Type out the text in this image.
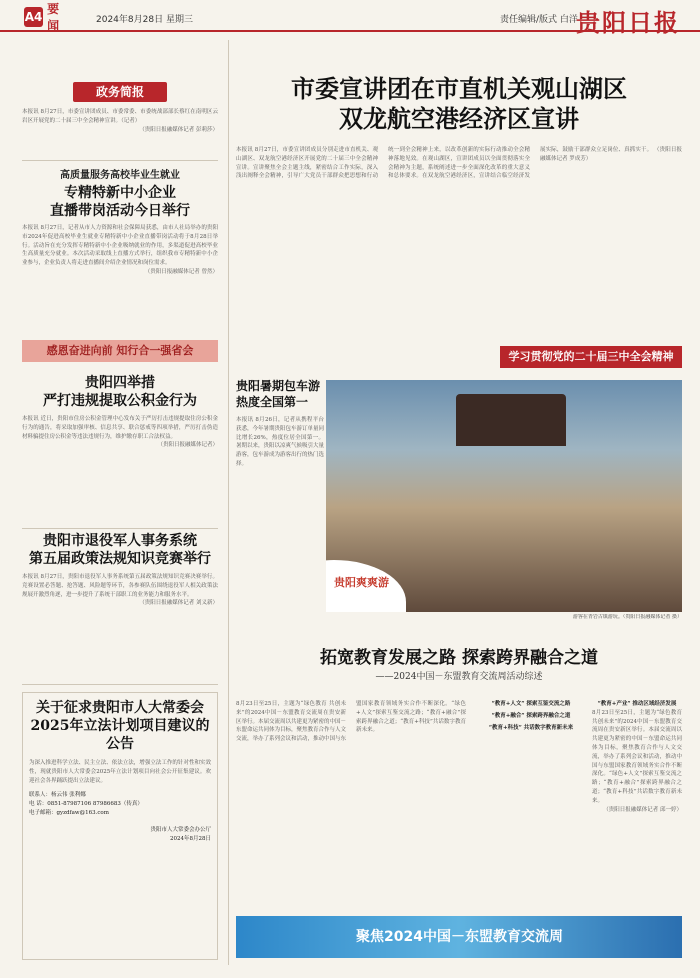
A4
要闻	2024年8月28日 星期三	责任编辑/版式 白洋
贵阳日报
政务简报
本报讯 8月27日，市委宣讲团成员、市委常委、市委统战部部长蔡红在南明区云岩区开展党的二十届三中全会精神宣讲。（记者）
（贵阳日报融媒体记者 彭莉莎）
高质量服务高校毕业生就业
专精特新中小企业
直播带岗活动今日举行
本报讯 8月27日，记者从市人力资源和社会保障局获悉，由市人社局举办的贵阳市2024年促进高校毕业生就业专精特新中小企业直播带岗活动将于8月28日举行。活动旨在充分发挥专精特新中小企业吸纳就业的作用，多渠道促进高校毕业生高质量充分就业。本次活动采取线上直播方式举行，组织我市专精特新中小企业参与，企业负责人将走进直播间介绍企业情况和岗位需求。
（贵阳日报融媒体记者 曾然）
感恩奋进向前 知行合一强省会
贵阳四举措
严打违规提取公积金行为
本报讯 近日，贵阳市住房公积金管理中心发布关于严厉打击违规提取住房公积金行为的通告，将采取加强审核、信息共享、联合惩戒等四项举措，严厉打击伪造材料骗提住房公积金等违法违规行为，维护缴存职工合法权益。
（贵阳日报融媒体记者）
贵阳市退役军人事务系统
第五届政策法规知识竞赛举行
本报讯 8月27日，贵阳市退役军人事务系统第五届政策法规知识竞赛决赛举行。竞赛设置必答题、抢答题、风险题等环节，各参赛队伍围绕退役军人相关政策法规展开激烈角逐，进一步提升了系统干部职工的业务能力和服务水平。
（贵阳日报融媒体记者 刘义新）
关于征求贵阳市人大常委会
2025年立法计划项目建议的公告
为深入推进科学立法、民主立法、依法立法，增强立法工作的针对性和实效性，现就贵阳市人大常委会2025年立法计划项目向社会公开征集建议。欢迎社会各界踊跃提出立法建议。
联系人：杨云伟 张利娜
电 话：0851-87987106 87986683（传真）
电子邮箱：gyzdfaw@163.com
贵阳市人大常委会办公厅
2024年8月28日
市委宣讲团在市直机关观山湖区
双龙航空港经济区宣讲
本报讯 8月27日，市委宣讲团成员分别走进市直机关、观山湖区、双龙航空港经济区开展党的二十届三中全会精神宣讲。宣讲聚焦全会主题主线，紧密结合工作实际，深入浅出阐释全会精神，引导广大党员干部群众把思想和行动统一到全会精神上来，以改革创新的实际行动推动全会精神落地见效。在观山湖区，宣讲团成员以全面贯彻落实全会精神为主题，系统阐述进一步全面深化改革的重大意义和总体要求。在双龙航空港经济区，宣讲结合临空经济发展实际，鼓励干部群众立足岗位、真抓实干。 （贵阳日报融媒体记者 罗成芳）
学习贯彻党的二十届三中全会精神
贵阳暑期包车游
热度全国第一
本报讯 8月26日，记者从携程平台获悉，今年暑期贵阳包车游订单量同比增长26%，热度位居全国第一。暑期以来，贵阳以凉爽气候吸引大量游客，包车游成为游客出行的热门选择。
贵阳爽爽游
游客在青岩古镇游玩。（贵阳日报融媒体记者 摄）
拓宽教育发展之路 探索跨界融合之道
——2024中国－东盟教育交流周活动综述
8月23日至25日，主题为“绿色教育 共创未来”的2024中国－东盟教育交流周在贵安新区举行。本届交流周以共建更为紧密的中国－东盟命运共同体为目标，聚焦教育合作与人文交流，举办了系列会议和活动，推动中国与东盟国家教育领域务实合作不断深化。“绿色+人文”探索互鉴交流之路；“教育+融合”探索跨界融合之道；“教育+科技”共话数字教育新未来。
“教育+人文” 探索互鉴交流之路
“教育+融合” 探索跨界融合之道
“教育+科技” 共话数字教育新未来
“教育+产业” 推动区域经济发展
8月23日至25日，主题为“绿色教育 共创未来”的2024中国－东盟教育交流周在贵安新区举行。本届交流周以共建更为紧密的中国－东盟命运共同体为目标，聚焦教育合作与人文交流，举办了系列会议和活动，推动中国与东盟国家教育领域务实合作不断深化。“绿色+人文”探索互鉴交流之路；“教育+融合”探索跨界融合之道；“教育+科技”共话数字教育新未来。
（贵阳日报融媒体记者 邱一婷）
聚焦2024中国－东盟教育交流周
